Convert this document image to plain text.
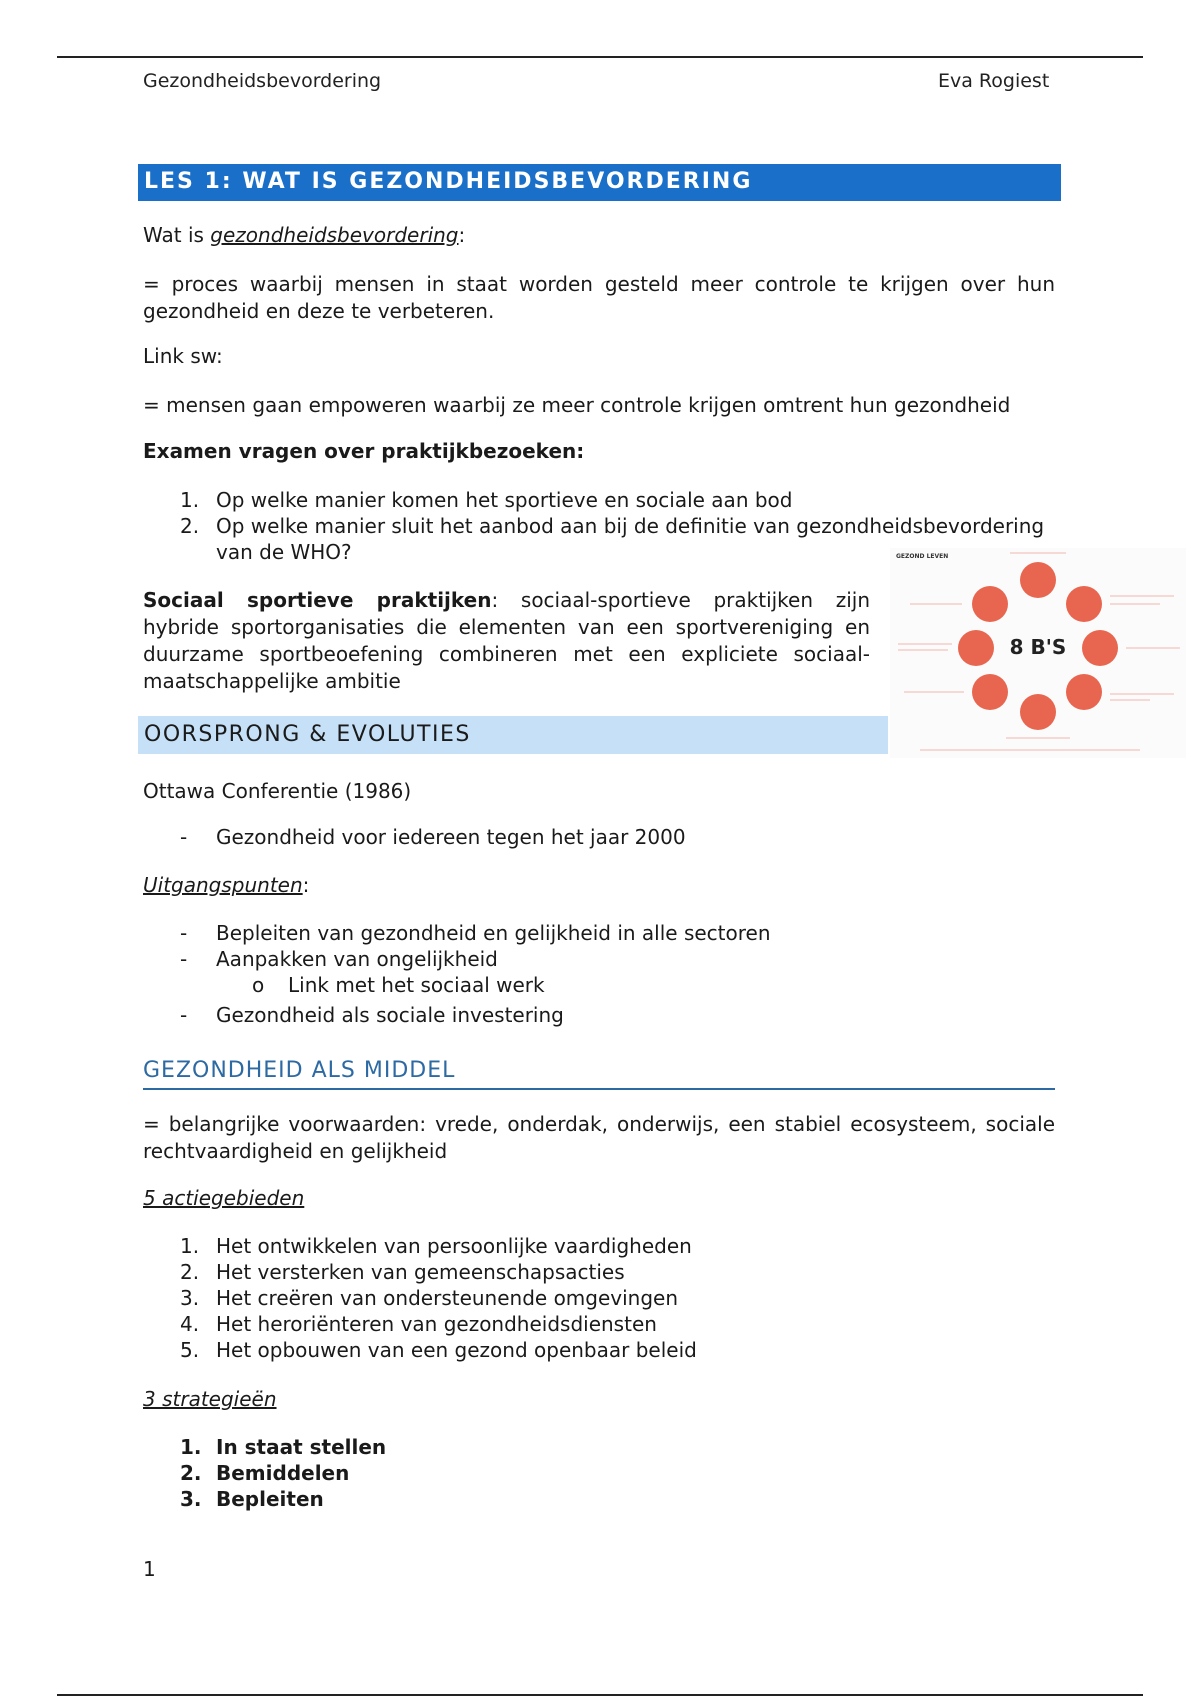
Gezondheidsbevordering	Eva Rogiest
LES 1: WAT IS GEZONDHEIDSBEVORDERING
Wat is gezondheidsbevordering:
= proces waarbij mensen in staat worden gesteld meer controle te krijgen over hun gezondheid en deze te verbeteren.
Link sw:
= mensen gaan empoweren waarbij ze meer controle krijgen omtrent hun gezondheid
Examen vragen over praktijkbezoeken:
1. Op welke manier komen het sportieve en sociale aan bod
2. Op welke manier sluit het aanbod aan bij de definitie van gezondheidsbevordering van de WHO?
Sociaal sportieve praktijken: sociaal-sportieve praktijken zijn hybride sportorganisaties die elementen van een sportvereniging en duurzame sportbeoefening combineren met een expliciete sociaal-maatschappelijke ambitie
GEZOND LEVEN
8 B'S
OORSPRONG & EVOLUTIES
Ottawa Conferentie (1986)
- Gezondheid voor iedereen tegen het jaar 2000
Uitgangspunten:
- Bepleiten van gezondheid en gelijkheid in alle sectoren
- Aanpakken van ongelijkheid
o Link met het sociaal werk
- Gezondheid als sociale investering
GEZONDHEID ALS MIDDEL
= belangrijke voorwaarden: vrede, onderdak, onderwijs, een stabiel ecosysteem, sociale rechtvaardigheid en gelijkheid
5 actiegebieden
1. Het ontwikkelen van persoonlijke vaardigheden
2. Het versterken van gemeenschapsacties
3. Het creëren van ondersteunende omgevingen
4. Het heroriënteren van gezondheidsdiensten
5. Het opbouwen van een gezond openbaar beleid
3 strategieën
1. In staat stellen
2. Bemiddelen
3. Bepleiten
1
